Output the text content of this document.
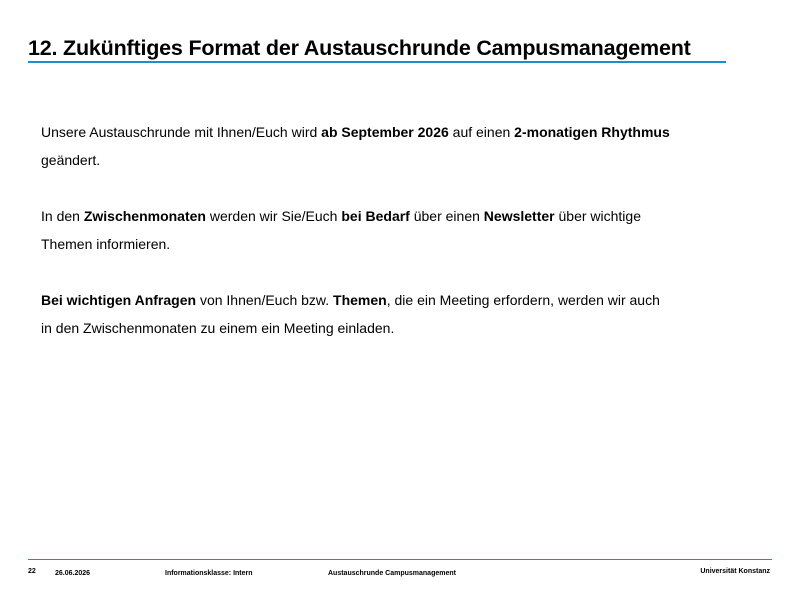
12. Zukünftiges Format der Austauschrunde Campusmanagement

Unsere Austauschrunde mit Ihnen/Euch wird ab September 2026 auf einen 2-monatigen Rhythmus
geändert.

In den Zwischenmonaten werden wir Sie/Euch bei Bedarf über einen Newsletter über wichtige
Themen informieren.

Bei wichtigen Anfragen von Ihnen/Euch bzw. Themen, die ein Meeting erfordern, werden wir auch
in den Zwischenmonaten zu einem ein Meeting einladen.

22	26.06.2026	Informationsklasse: Intern	Austauschrunde Campusmanagement	Universität Konstanz
